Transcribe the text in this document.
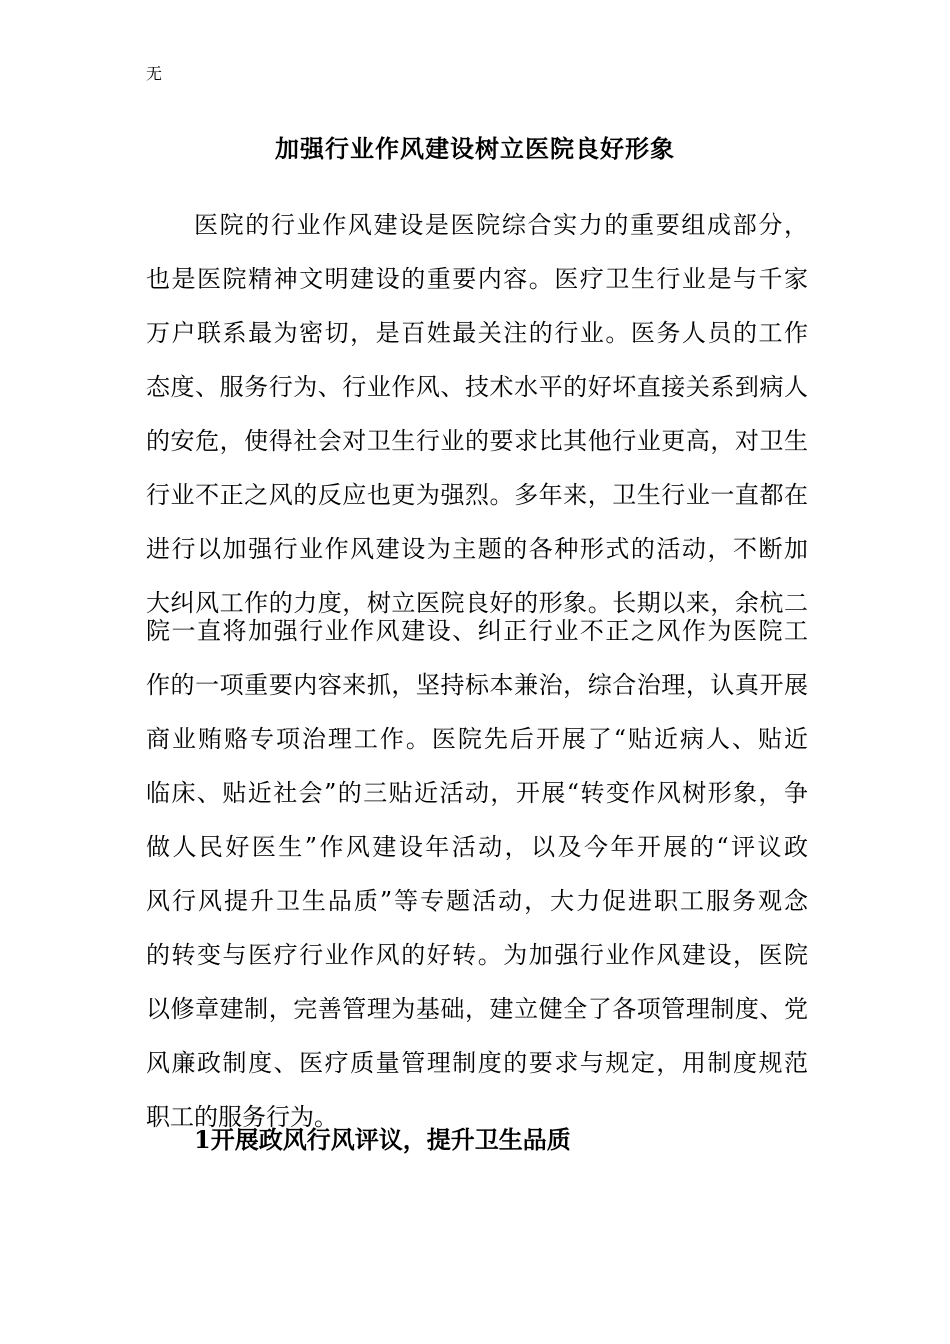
无
加强行业作风建设树立医院良好形象
医院的行业作风建设是医院综合实力的重要组成部分，
也是医院精神文明建设的重要内容。医疗卫生行业是与千家
万户联系最为密切，是百姓最关注的行业。医务人员的工作
态度、服务行为、行业作风、技术水平的好坏直接关系到病人
的安危，使得社会对卫生行业的要求比其他行业更高，对卫生
行业不正之风的反应也更为强烈。多年来，卫生行业一直都在
进行以加强行业作风建设为主题的各种形式的活动，不断加
大纠风工作的力度，树立医院良好的形象。长期以来，余杭二
院一直将加强行业作风建设、纠正行业不正之风作为医院工
作的一项重要内容来抓，坚持标本兼治，综合治理，认真开展
商业贿赂专项治理工作。医院先后开展了“贴近病人、贴近
临床、贴近社会”的三贴近活动，开展“转变作风树形象，争
做人民好医生”作风建设年活动，以及今年开展的“评议政
风行风提升卫生品质”等专题活动，大力促进职工服务观念
的转变与医疗行业作风的好转。为加强行业作风建设，医院
以修章建制，完善管理为基础，建立健全了各项管理制度、党
风廉政制度、医疗质量管理制度的要求与规定，用制度规范
职工的服务行为。
1开展政风行风评议，提升卫生品质
